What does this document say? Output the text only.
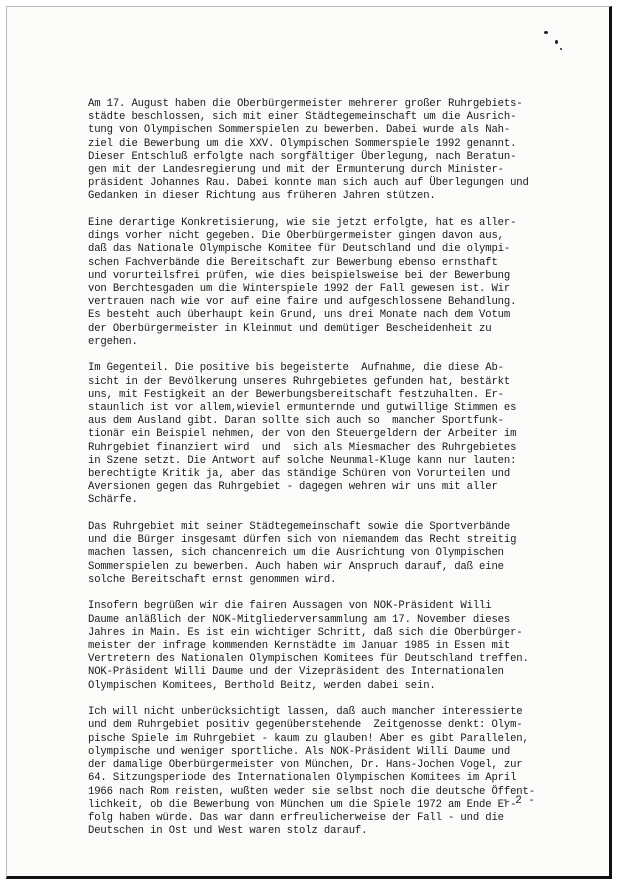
Am 17. August haben die Oberbürgermeister mehrerer großer Ruhrgebiets-
städte beschlossen, sich mit einer Städtegemeinschaft um die Ausrich-
tung von Olympischen Sommerspielen zu bewerben. Dabei wurde als Nah-
ziel die Bewerbung um die XXV. Olympischen Sommerspiele 1992 genannt.
Dieser Entschluß erfolgte nach sorgfältiger Überlegung, nach Beratun-
gen mit der Landesregierung und mit der Ermunterung durch Minister-
präsident Johannes Rau. Dabei konnte man sich auch auf Überlegungen und
Gedanken in dieser Richtung aus früheren Jahren stützen.

Eine derartige Konkretisierung, wie sie jetzt erfolgte, hat es aller-
dings vorher nicht gegeben. Die Oberbürgermeister gingen davon aus,
daß das Nationale Olympische Komitee für Deutschland und die olympi-
schen Fachverbände die Bereitschaft zur Bewerbung ebenso ernsthaft
und vorurteilsfrei prüfen, wie dies beispielsweise bei der Bewerbung
von Berchtesgaden um die Winterspiele 1992 der Fall gewesen ist. Wir
vertrauen nach wie vor auf eine faire und aufgeschlossene Behandlung.
Es besteht auch überhaupt kein Grund, uns drei Monate nach dem Votum
der Oberbürgermeister in Kleinmut und demütiger Bescheidenheit zu
ergehen.

Im Gegenteil. Die positive bis begeisterte  Aufnahme, die diese Ab-
sicht in der Bevölkerung unseres Ruhrgebietes gefunden hat, bestärkt
uns, mit Festigkeit an der Bewerbungsbereitschaft festzuhalten. Er-
staunlich ist vor allem,wieviel ermunternde und gutwillige Stimmen es
aus dem Ausland gibt. Daran sollte sich auch so  mancher Sportfunk-
tionär ein Beispiel nehmen, der von den Steuergeldern der Arbeiter im
Ruhrgebiet finanziert wird  und  sich als Miesmacher des Ruhrgebietes
in Szene setzt. Die Antwort auf solche Neunmal-Kluge kann nur lauten:
berechtigte Kritik ja, aber das ständige Schüren von Vorurteilen und
Aversionen gegen das Ruhrgebiet - dagegen wehren wir uns mit aller
Schärfe.

Das Ruhrgebiet mit seiner Städtegemeinschaft sowie die Sportverbände
und die Bürger insgesamt dürfen sich von niemandem das Recht streitig
machen lassen, sich chancenreich um die Ausrichtung von Olympischen
Sommerspielen zu bewerben. Auch haben wir Anspruch darauf, daß eine
solche Bereitschaft ernst genommen wird.

Insofern begrüßen wir die fairen Aussagen von NOK-Präsident Willi
Daume anläßlich der NOK-Mitgliederversammlung am 17. November dieses
Jahres in Main. Es ist ein wichtiger Schritt, daß sich die Oberbürger-
meister der infrage kommenden Kernstädte im Januar 1985 in Essen mit
Vertretern des Nationalen Olympischen Komitees für Deutschland treffen.
NOK-Präsident Willi Daume und der Vizepräsident des Internationalen
Olympischen Komitees, Berthold Beitz, werden dabei sein.

Ich will nicht unberücksichtigt lassen, daß auch mancher interessierte
und dem Ruhrgebiet positiv gegenüberstehende  Zeitgenosse denkt: Olym-
pische Spiele im Ruhrgebiet - kaum zu glauben! Aber es gibt Parallelen,
olympische und weniger sportliche. Als NOK-Präsident Willi Daume und
der damalige Oberbürgermeister von München, Dr. Hans-Jochen Vogel, zur
64. Sitzungsperiode des Internationalen Olympischen Komitees im April
1966 nach Rom reisten, wußten weder sie selbst noch die deutsche Öffent-
lichkeit, ob die Bewerbung von München um die Spiele 1972 am Ende Er-
folg haben würde. Das war dann erfreulicherweise der Fall - und die
Deutschen in Ost und West waren stolz darauf.

- 2 -
